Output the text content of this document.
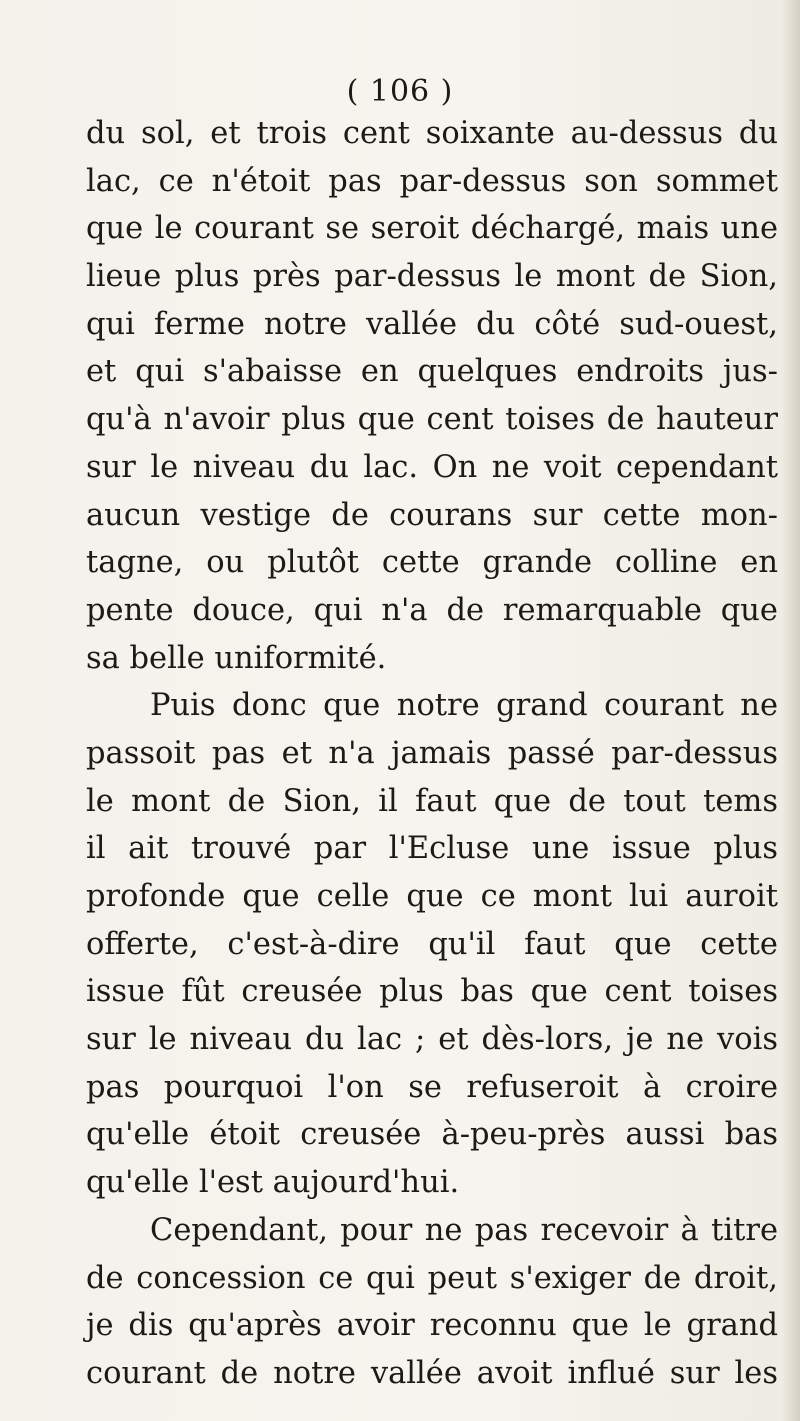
( 106 )
du sol, et trois cent soixante au-dessus du
lac, ce n'étoit pas par-dessus son sommet
que le courant se seroit déchargé, mais une
lieue plus près par-dessus le mont de Sion,
qui ferme notre vallée du côté sud-ouest,
et qui s'abaisse en quelques endroits jus-
qu'à n'avoir plus que cent toises de hauteur
sur le niveau du lac. On ne voit cependant
aucun vestige de courans sur cette mon-
tagne, ou plutôt cette grande colline en
pente douce, qui n'a de remarquable que
sa belle uniformité.
Puis donc que notre grand courant ne
passoit pas et n'a jamais passé par-dessus
le mont de Sion, il faut que de tout tems
il ait trouvé par l'Ecluse une issue plus
profonde que celle que ce mont lui auroit
offerte, c'est-à-dire qu'il faut que cette
issue fût creusée plus bas que cent toises
sur le niveau du lac ; et dès-lors, je ne vois
pas pourquoi l'on se refuseroit à croire
qu'elle étoit creusée à-peu-près aussi bas
qu'elle l'est aujourd'hui.
Cependant, pour ne pas recevoir à titre
de concession ce qui peut s'exiger de droit,
je dis qu'après avoir reconnu que le grand
courant de notre vallée avoit influé sur les
